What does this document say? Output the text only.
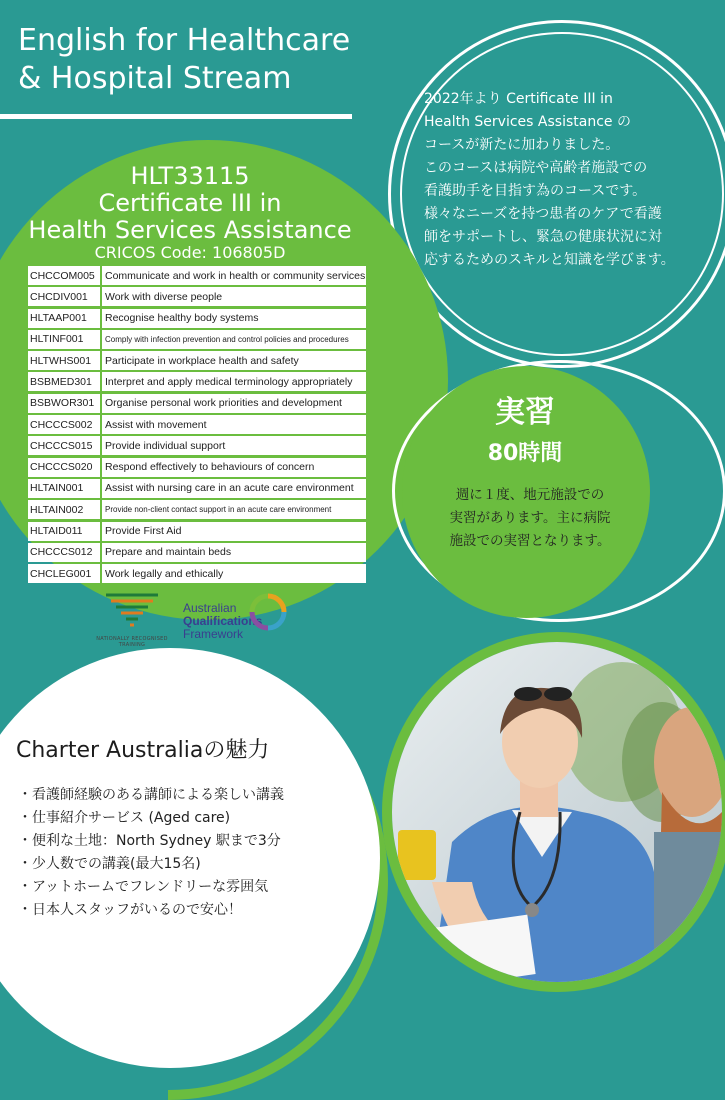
English for Healthcare
& Hospital Stream
2022年より Certificate III in
Health Services Assistance の
コースが新たに加わりました。
このコースは病院や高齢者施設での
看護助手を目指す為のコースです。
様々なニーズを持つ患者のケアで看護
師をサポートし、緊急の健康状況に対
応するためのスキルと知識を学びます。
HLT33115
Certificate III in
Health Services Assistance
CRICOS Code: 106805D
CHCCOM005 Communicate and work in health or community services
CHCDIV001	Work with diverse people
HLTAAP001	Recognise healthy body systems
HLTINF001	Comply with infection prevention and control policies and procedures
HLTWHS001	Participate in workplace health and safety
BSBMED301	Interpret and apply medical terminology appropriately
BSBWOR301	Organise personal work priorities and development
CHCCCS002	Assist with movement
CHCCCS015	Provide individual support
CHCCCS020	Respond effectively to behaviours of concern
HLTAIN001	Assist with nursing care in an acute care environment
HLTAIN002	Provide non-client contact support in an acute care environment
HLTAID011	Provide First Aid
CHCCCS012	Prepare and maintain beds
CHCLEG001	Work legally and ethically
NATIONALLY RECOGNISED
TRAINING
Australian
Qualifications
Framework
実習
80時間
週に１度、地元施設での
実習があります。主に病院
施設での実習となります。
Charter Australiaの魅力
・ 看護師経験のある講師による楽しい講義
・ 仕事紹介サービス (Aged care)
・ 便利な土地：North Sydney 駅まで3分
・ 少人数での講義(最大15名)
・ アットホームでフレンドリーな雰囲気
・ 日本人スタッフがいるので安心！
